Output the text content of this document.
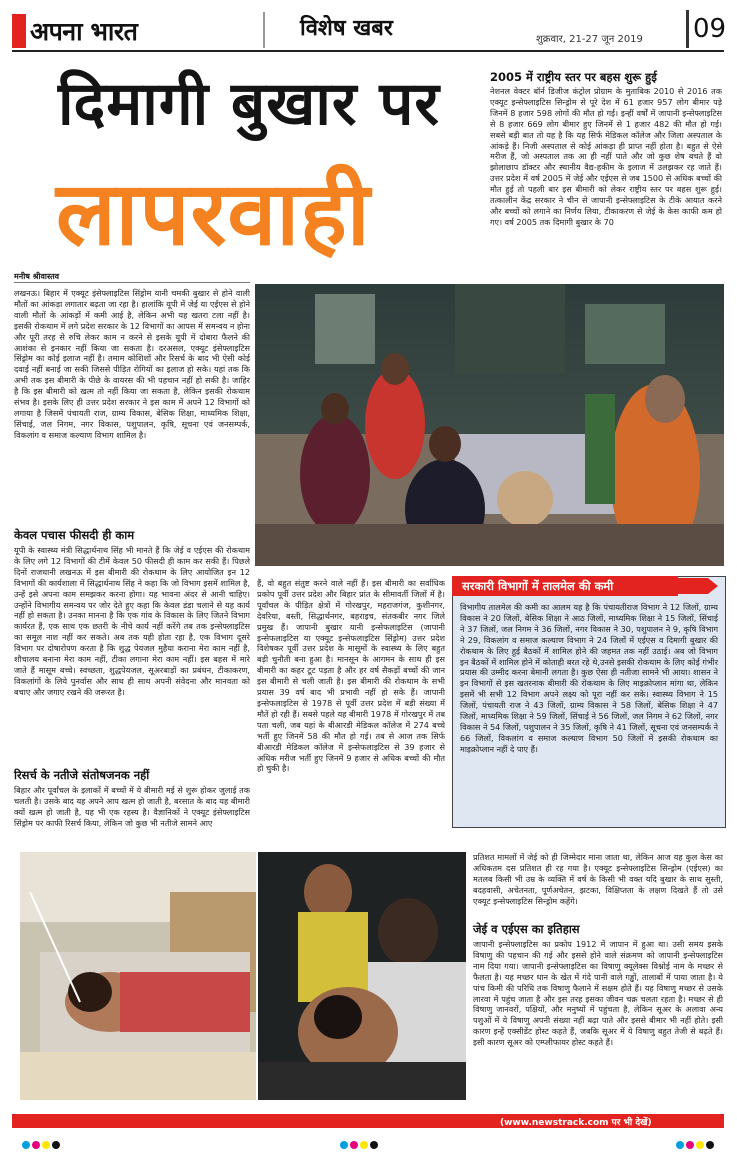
अपना भारत	विशेष खबर	शुक्रवार, 21-27 जून 2019 09
दिमागी बुखार पर
लापरवाही
2005 में राष्ट्रीय स्तर पर बहस शुरू हुई
नेशनल वेक्टर बॉर्न डिजीज कंट्रोल प्रोग्राम के मुताबिक 2010 से 2016 तक एक्यूट इन्सेफ्लाइटिस सिन्ड्रोम से पूरे देश में 61 हजार 957 लोग बीमार पड़े जिनमें 8 हजार 598 लोगों की मौत हो गई। इन्हीं वर्षों में जापानी इन्सेफ्लाइटिस से 8 हजार 669 लोग बीमार हुए जिनमें से 1 हजार 482 की मौत हो गई। सबसे बड़ी बात तो यह है कि यह सिर्फ मेडिकल कॉलेज और जिला अस्पताल के आंकड़े हैं। निजी अस्पताल से कोई आंकड़ा ही प्राप्त नहीं होता है। बहुत से ऐसे मरीज हैं, जो अस्पताल तक आ ही नहीं पाते और जो कुछ शेष बचते हैं वो झोलाछाप डॉक्टर और स्थानीय वैद्य-हकीम के इलाज में उलझकर रह जाते हैं। उत्तर प्रदेश में वर्ष 2005 में जेई और एईएस से जब 1500 से अधिक बच्चों की मौत हुई तो पहली बार इस बीमारी को लेकर राष्ट्रीय स्तर पर बहस शुरू हुई। तत्कालीन केंद्र सरकार ने चीन से जापानी इन्सेफ्लाइटिस के टीके आयात करने और बच्चों को लगाने का निर्णय लिया, टीकाकरण से जेई के केस काफी कम हो गए। वर्ष 2005 तक दिमागी बुखार के 70
मनीष श्रीवास्तव
लखनऊ। बिहार में एक्यूट इंसेफ्लाइटिस सिंड्रोम यानी चमकी बुखार से होने वाली मौतों का आंकड़ा लगातार बढ़ता जा रहा है। हालांकि यूपी में जेई या एईएस से होने वाली मौतों के आंकड़ों में कमी आई है, लेकिन अभी यह खतरा टला नहीं है। इसकी रोकथाम में लगे प्रदेश सरकार के 12 विभागों का आपस में समन्वय न होना और पूरी तरह से रुचि लेकर काम न करने से इसके यूपी में दोबारा फैलने की आशंका से इनकार नहीं किया जा सकता है। दरअसल, एक्यूट इंसेफ्लाइटिस सिंड्रोम का कोई इलाज नहीं है। तमाम कोशिशों और रिसर्च के बाद भी ऐसी कोई दवाई नहीं बनाई जा सकी जिससे पीड़ित रोगियों का इलाज हो सके। यहां तक कि अभी तक इस बीमारी के पीछे के वायरस की भी पहचान नहीं हो सकी है। जाहिर है कि इस बीमारी को खत्म तो नहीं किया जा सकता है, लेकिन इसकी रोकथाम संभव है। इसके लिए ही उत्तर प्रदेश सरकार ने इस काम में अपने 12 विभागों को लगाया है जिसमें पंचायती राज, ग्राम्य विकास, बेसिक शिक्षा, माध्यमिक शिक्षा, सिंचाई, जल निगम, नगर विकास, पशुपालन, कृषि, सूचना एवं जनसम्पर्क, विकलांग व समाज कल्याण विभाग शामिल है।
केवल पचास फीसदी ही काम
यूपी के स्वास्थ्य मंत्री सिद्धार्थनाथ सिंह भी मानते हैं कि जेई व एईएस की रोकथाम के लिए लगे 12 विभागों की टीमें केवल 50 फीसदी ही काम कर सकी हैं। पिछले दिनों राजधानी लखनऊ में इस बीमारी की रोकथाम के लिए आयोजित इन 12 विभागों की कार्यशाला में सिद्धार्थनाथ सिंह ने कहा कि जो विभाग इसमें शामिल है, उन्हें इसे अपना काम समझकर करना होगा। यह भावना अंदर से आनी चाहिए। उन्होंने विभागीय समन्वय पर जोर देते हुए कहा कि केवल डंडा चलाने से यह कार्य नहीं हो सकता है। उनका मानना है कि एक गांव के विकास के लिए जितने विभाग कार्यरत हैं, एक साथ एक छतरी के नीचे कार्य नहीं करेंगे तब तक इन्सेफ्लाइटिस का समूल नाश नहीं कर सकते। अब तक यही होता रहा है, एक विभाग दूसरे विभाग पर दोषारोपण करता है कि शुद्ध पेयजल मुहैया कराना मेरा काम नहीं है, शौचालय बनाना मेरा काम नहीं, टीका लगाना मेरा काम नहीं। इस बहस में मारे जाते हैं मासूम बच्चे। स्वच्छता, शुद्धपेयजल, सूअरबाड़ों का प्रबंधन, टीकाकरण, विकलांगों के लिये पुनर्वास और साथ ही साथ अपनी संवेदना और मानवता को बचाए और जगाए रखने की जरूरत है।
रिसर्च के नतीजे संतोषजनक नहीं
बिहार और पूर्वांचल के इलाकों में बच्चों में ये बीमारी मई से शुरू होकर जुलाई तक चलती है। उसके बाद यह अपने आप खत्म हो जाती है, बरसात के बाद यह बीमारी क्यों खत्म हो जाती है, यह भी एक रहस्य है। वैज्ञानिकों ने एक्यूट इंसेफ्लाइटिस सिंड्रोम पर काफी रिसर्च किया, लेकिन जो कुछ भी नतीजे सामने आए
हैं, वो बहुत संतुष्ट करने वाले नहीं हैं। इस बीमारी का सर्वाधिक प्रकोप पूर्वी उत्तर प्रदेश और बिहार प्रांत के सीमावर्ती जिलों में है। पूर्वांचल के पीड़ित क्षेत्रों में गोरखपुर, महराजगंज, कुशीनगर, देवरिया, बस्ती, सिद्धार्थनगर, बहराइच, संतकबीर नगर जिले प्रमुख हैं। जापानी बुखार यानी इन्सेफलाइटिस (जापानी इन्सेफलाइटिस या एक्यूट इन्सेफलाइटिस सिंड्रोम) उत्तर प्रदेश विशेषकर पूर्वी उत्तर प्रदेश के मासूमों के स्वास्थ्य के लिए बहुत बड़ी चुनौती बना हुआ है। मानसून के आगमन के साथ ही इस बीमारी का कहर टूट पड़ता है और हर वर्ष सैकड़ों बच्चों की जान इस बीमारी से चली जाती है। इस बीमारी की रोकथाम के सभी प्रयास 39 वर्ष बाद भी प्रभावी नहीं हो सके हैं। जापानी इन्सेफलाइटिस से 1978 से पूर्वी उत्तर प्रदेश में बड़ी संख्या में मौतें हो रही हैं। सबसे पहले यह बीमारी 1978 में गोरखपुर में तब पता चली, जब यहां के बीआरडी मेडिकल कॉलेज में 274 बच्चे भर्ती हुए जिनमें 58 की मौत हो गई। तब से आज तक सिर्फ बीआरडी मेडिकल कॉलेज में इन्सेफलाइटिस से 39 हजार से अधिक मरीज भर्ती हुए जिनमें 9 हजार से अधिक बच्चों की मौत हो चुकी है।
सरकारी विभागों में तालमेल की कमी
विभागीय तालमेल की कमी का आलम यह है कि पंचायतीराज विभाग ने 12 जिलों, ग्राम्य विकास ने 20 जिलों, बेसिक शिक्षा ने आठ जिलों, माध्यमिक शिक्षा ने 15 जिलों, सिंचाई ने 37 जिलों, जल निगम ने 36 जिलों, नगर विकास ने 30, पशुपालन ने 9, कृषि विभाग ने 29, विकलांग व समाज कल्याण विभाग ने 24 जिलों में एईएस व दिमागी बुखार की रोकथाम के लिए हुई बैठकों में शामिल होने की जहमत तक नहीं उठाई। अब जो विभाग इन बैठकों में शामिल होने में कोताही बरत रहे थे,उनसे इसकी रोकथाम के लिए कोई गंभीर प्रयास की उम्मीद करना बेमानी लगता है। कुछ ऐसा ही नतीजा सामने भी आया। शासन ने इन विभागों से इस खतरनाक बीमारी की रोकथाम के लिए माइक्रोप्लान मांगा था, लेकिन इसमें भी सभी 12 विभाग अपने लक्ष्य को पूरा नहीं कर सके। स्वास्थ्य विभाग ने 15 जिलों, पंचायती राज ने 43 जिलों, ग्राम्य विकास ने 58 जिलों, बेसिक शिक्षा ने 47 जिलों, माध्यमिक शिक्षा ने 59 जिलों, सिंचाई ने 56 जिलों, जल निगम ने 62 जिलों, नगर विकास ने 54 जिलों, पशुपालन ने 35 जिलों, कृषि ने 41 जिलों, सूचना एवं जनसम्पर्क ने 66 जिलों, विकलांग व समाज कल्याण विभाग 50 जिलों में इसकी रोकथाम का माइक्रोप्लान नहीं दे पाए हैं।
प्रतिशत मामलों में जेई को ही जिम्मेदार माना जाता था, लेकिन आज यह कुल केस का अधिकतम दस प्रतिशत ही रह गया है। एक्यूट इन्सेफ्लाइटिस सिन्ड्रोम (एईएस) का मतलब किसी भी उम्र के व्यक्ति में वर्ष के किसी भी वक्त यदि बुखार के साथ सुस्ती, बदहवासी, अचेतनता, पूर्णअचेतन, झटका, विक्षिप्तता के लक्षण दिखते हैं तो उसे एक्यूट इन्सेफ्लाइटिस सिन्ड्रोम कहेंगे।
जेई व एईएस का इतिहास
जापानी इन्सेफ्लाइटिस का प्रकोप 1912 में जापान में हुआ था। उसी समय इसके विषाणु की पहचान की गई और इससे होने वाले संक्रमण को जापानी इन्सेफ्लाइटिस नाम दिया गया। जापानी इन्सेफ्लाइटिस का विषाणु क्यूलेक्स विश्नोई नाम के मच्छर से फैलता है। यह मच्छर धान के खेत में गंदे पानी वाले गड्ढों, तालाबों में पाया जाता है। ये पांच किमी की परिधि तक विषाणु फैलाने में सक्षम होते हैं। यह विषाणु मच्छर से उसके लारवा में पहुंच जाता है और इस तरह इसका जीवन चक्र चलता रहता है। मच्छर से ही विषाणु जानवरों, पक्षियों, और मनुष्यों में पहुंचता है, लेकिन सूअर के अलावा अन्य पशुओं में ये विषाणु अपनी संख्या नहीं बढ़ा पाते और इससे बीमार भी नहीं होते। इसी कारण इन्हें एक्सीडेंट होस्ट कहते हैं, जबकि सूअर में ये विषाणु बहुत तेजी से बढ़ते हैं। इसी कारण सूअर को एम्प्लीफायर होस्ट कहते हैं।
(www.newstrack.com पर भी देखें)
